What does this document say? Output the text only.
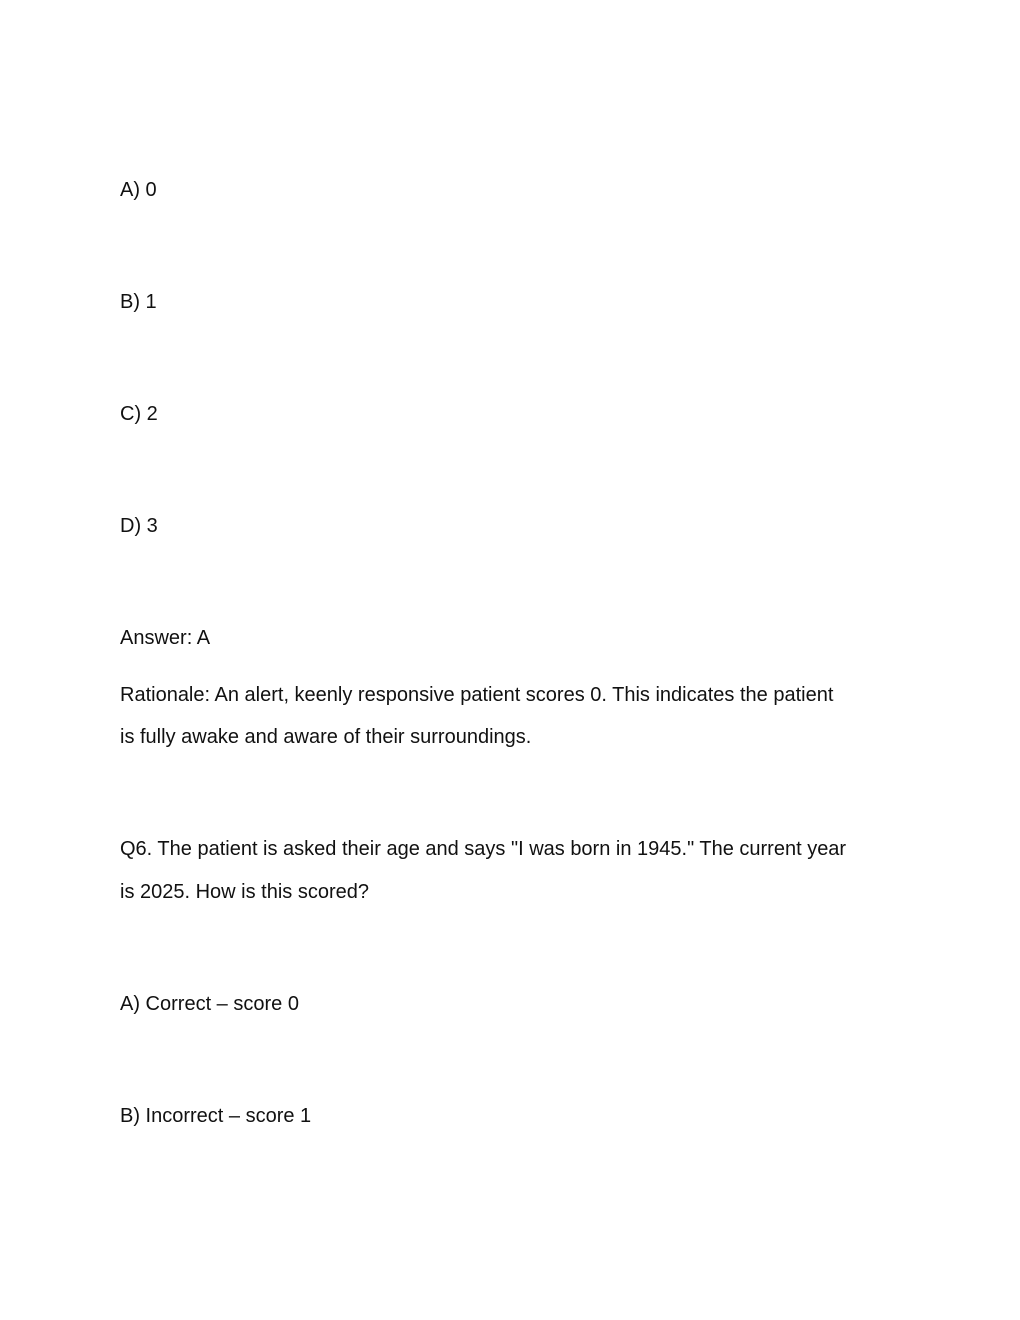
A) 0
B) 1
C) 2
D) 3
Answer: A
Rationale: An alert, keenly responsive patient scores 0. This indicates the patient
is fully awake and aware of their surroundings.
Q6. The patient is asked their age and says "I was born in 1945." The current year
is 2025. How is this scored?
A) Correct – score 0
B) Incorrect – score 1
